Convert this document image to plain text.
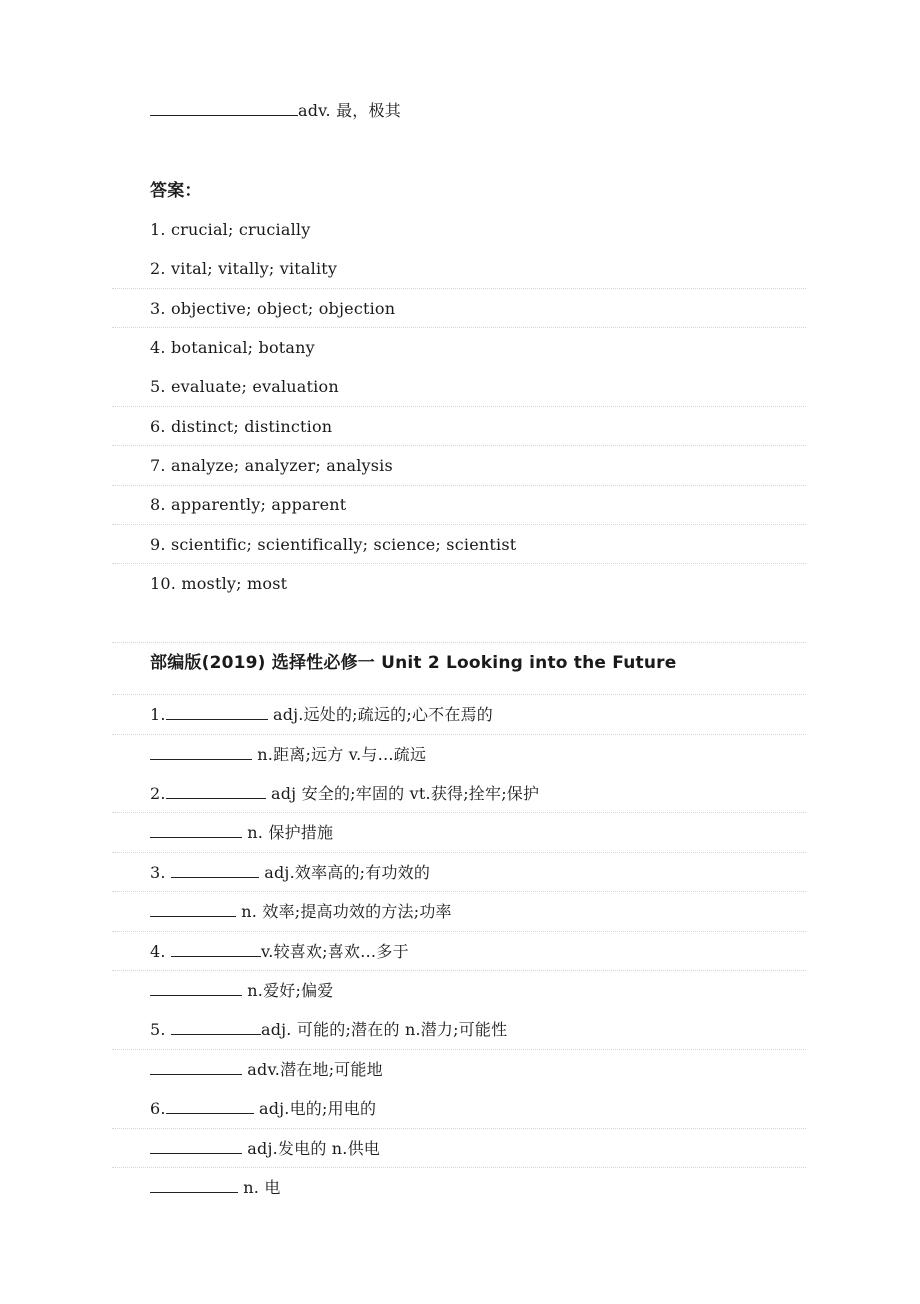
adv. 最，极其
答案：
1. crucial; crucially
2. vital; vitally; vitality
3. objective; object; objection
4. botanical; botany
5. evaluate; evaluation
6. distinct; distinction
7. analyze; analyzer; analysis
8. apparently; apparent
9. scientific; scientifically; science; scientist
10. mostly; most
部编版(2019) 选择性必修一 Unit 2 Looking into the Future
1.	adj.远处的;疏远的;心不在焉的
n.距离;远方 v.与…疏远
2.	adj 安全的;牢固的 vt.获得;拴牢;保护
n. 保护措施
3.	adj.效率高的;有功效的
n. 效率;提高功效的方法;功率
4.	v.较喜欢;喜欢…多于
n.爱好;偏爱
5.	adj. 可能的;潜在的 n.潜力;可能性
adv.潜在地;可能地
6.	adj.电的;用电的
adj.发电的 n.供电
n. 电
